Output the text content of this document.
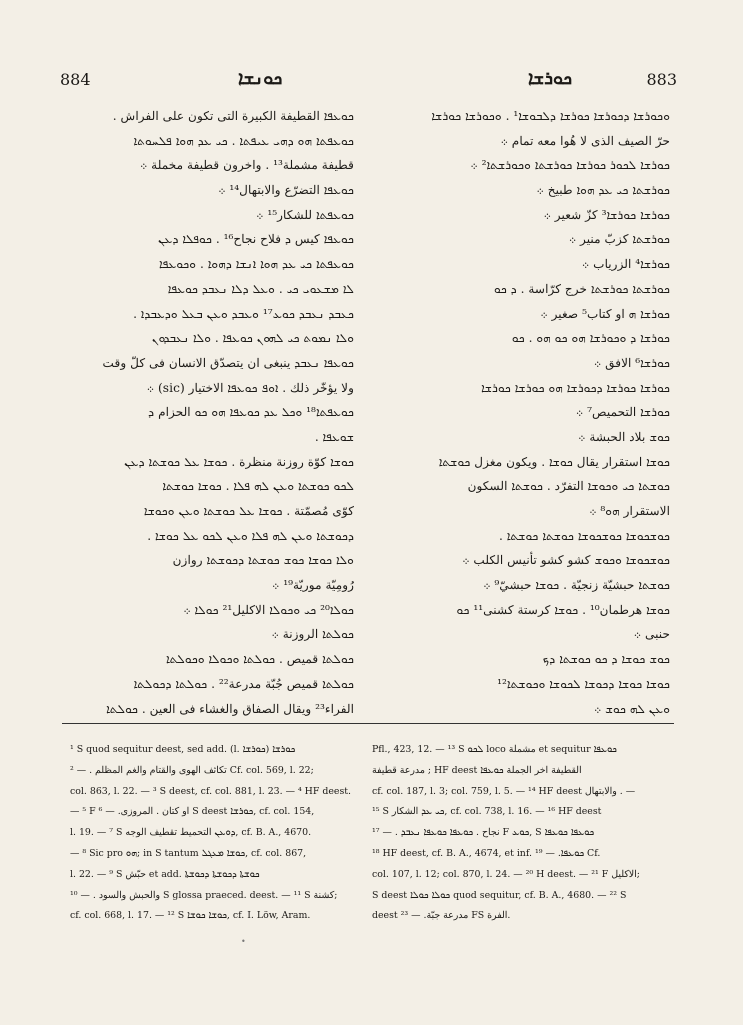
884	ܟܘܢܫܐ	ܟܘܪܫܐ	883
ܟܘܥܦܐ القطيفة الكبيرة التى تكون على الفراش .
ܟܘܥܦܬܐ ܗܘ ܕܗܝ ܥܝܦܬܐ . ܟܝ ܥܕ ܗܘܐ ܦܠܚܘܬܐ
قطيفة مشملة¹³ . واخرون قطيفة مخملة ܀
ܟܘܥܦܐ التضرّع والابتهال¹⁴ ܀
ܟܘܥܦܬܐ للشكار¹⁵ ܀
ܟܘܥܦܐ كيس ܕ فلاح نجاح¹⁶ . ܟܘܦܠܐ ܕܥܢ
ܟܘܥܦܬܐ ܟܝ ܥܕ ܗܘܐ ܐܢܫܐ ܕܗܘܐ . ܘܟܘܥܦܐ
ܠܐ ܡܫܥܘܝ ܟܝ . ܘܥܠ ܕܠܐ ܢܥܒܕ ܟܘܥܦܐ
ܟܥܒܕ ܢܥܒܕ ܟܘܥ¹⁷ ܘܥܒܕ ܘܥܢ ܒܥܠ ܘܕܥܒܕܐ .
ܘܠܐ ܢܡܘܬ ܟܝ ܠܗܘܢ ܟܘܥܦܐ . ܘܠܐ ܢܥܒܕܘܢ
ܟܘܥܦܐ ܢܥܒܕ ينبغى ان يتصدّق الانسان فى كلّ وقت
ولا يؤخّر ذلك . ܐܘܦ ܟܘܥܦܐ الاختيار (sic) ܀
ܟܘܥܦܬܐ¹⁸ ܘܟܠ ܥܕ ܟܘܥܦܐ ܗܘ ܟܘ الحزام ܕ
ܫܘܥܦܐ .
ܟܘܫܐ كوّة روزنة منظرة . ܟܘܫܐ ܥܠ ܟܘܫܬܐ ܕܥܢ
ܠܟܘ ܟܘܫܬܐ ܘܥܢ ܠܗ ܦܠܐ . ܟܘܫܐ ܟܘܫܬܐ
كوّى مُصمّتة . ܟܘܫܐ ܥܠ ܟܘܫܬܐ ܘܥܢ ܘܟܘܫܐ
ܕܟܘܫܬܐ ܘܥܢ ܠܗ ܦܠܐ ܘܥܢ ܠܟܘ ܥܠ ܟܘܫܐ .
ܘܠܐ ܟܘܫܐ ܟܘܫ ܟܘܫܬܐ ܕܟܘܫܬܐ روازن
رُومِيّة موريّة¹⁹ ܀
ܟܘܠܐ²⁰ ܟܝ ܘܟܘܠܐ الاكليل²¹ ܟܘܠܐ ܀
ܟܘܠܬܐ الروزنة ܀
ܟܘܠܬܐ قميص . ܟܘܠܬܐ ܘܟܘܠܐ ܘܟܘܠܬܐ
ܟܘܠܬܐ قميص جُبّة مدرعة²² . ܟܘܠܬܐ ܕܟܘܠܬܐ
الفراء²³ ويقال الصفاق والغشاء فى العين . ܟܘܠܬܐ
ܘܟܘܪܫܐ ܕܟܘܪܫܐ ܟܘܪܫܐ ܕܠܒܘܫܐ¹ . ܘܟܘܪܫܐ ܟܘܪܫܐ
حرّ الصيف الذى لا هُوا معه تمام ܀
ܟܘܪܫܐ ܠܟܘܪ ܟܘܪܫܐ ܟܘܪܫܬܐ ܘܟܘܪܫܬܐ² ܀
ܟܘܪܫܬܐ ܟܝ ܥܕ ܗܘܐ طبيخ ܀
ܟܘܪܫܐ ܟܘܪܫܐ³ كزّ شعير ܀
ܟܘܪܫܬܐ كزبّ منير ܀
ܟܘܪܫܐ⁴ الزرياب ܀
ܟܘܪܫܬܐ ܟܘܪܫܬܐ خرج كرّاسة . ܕ ܟܘ
ܟܘܪܫܐ ܗ او كتاب⁵ صغير ܀
ܟܘܪܫܐ ܕ ܘܟܘܪܫܐ ܗܘ ܟܘ ܗܘ . ܟܘ
ܟܘܪܫܐ⁶ الافق ܀
ܟܘܪܫܐ ܟܘܪܫܐ ܕܟܘܪܫܐ ܗܘ ܟܘܪܫܐ ܟܘܪܫܐ
ܟܘܪܫܐ التحميص⁷ ܀
ܟܘܫ بلاد الحبشة ܀
ܟܘܫܐ استقرار يقال ܟܘܫܐ . ويكون مغزل ܟܘܫܬܐ
ܟܘܫܬܐ ܟܝ ܘܟܘܫܐ التفرّد . ܟܘܫܬܐ السكون
الاستقرار ܗܘ⁸ ܀
ܟܘܫܟܘܫܐ ܟܘܫܟܘܫܐ ܟܘܫܬܐ ܟܘܫܬܐ .
ܟܘܫܟܘܫܐ ܘܟܘܫ كشو كشو تأنيس الكلب ܀
ܟܘܫܬܐ حبشيّة زنجيّة . ܟܘܫܐ حبشيّ⁹ ܀
ܟܘܫܐ هرطمان¹⁰ . ܟܘܫܐ كرستة كشنى¹¹ ܟܘ
حنبى ܀
ܟܘܫ ܟܘܫܐ ܕ ܟܘ ܟܘܫܬܐ ܕܟ
ܟܘܫܐ ܟܘܫܐ ܕܟܘܫܐ ܠܟܘܫܐ ܘܟܘܫܬܐ¹²
ܘܥܢ ܠܗ ܟܘܫ ܀
¹ S quod sequitur deest, sed add. (l. ܟܘܪܫܐ) ܟܘܪܫܐ
تكاثف الهوى والقتام والغم المظلم . — ² Cf. col. 569, l. 22;
col. 863, l. 22. — ³ S deest, cf. col. 881, l. 23. — ⁴ HF deest.
— ⁵ F او كتان . المروزى. — ⁶ S deest ܟܘܪܫܐ, cf. col. 154,
l. 19. — ⁷ S ܕܘܥܢ التحميط تقطيف الوجه, cf. B. A., 4670.
— ⁸ Sic pro ܗܘ; in S tantum ܟܘܫܐ ܡܥܓܠ, cf. col. 867,
l. 22. — ⁹ S حبّش et add. ܟܘܫܬܐ ܕܟܘܫܬܐ ܕܟܘܫܬܐ
والحبش والسود . — ¹⁰ S glossa praeced. deest. — ¹¹ S كشنة;
cf. col. 668, l. 17. — ¹² S ܟܘܫܐ ܟܘܫܐ, cf. I. Löw, Aram.
Pfl., 423, 12. — ¹³ S ܠܟܘ loco مشملة et sequitur ܟܘܥܦܐ
مدرعة قطيفة ; HF deest القطيفة اخر الجملة ܟܘܥܦܐ
cf. col. 187, l. 3; col. 759, l. 5. — ¹⁴ HF deest والابتهال . —
¹⁵ S ܟܝ ܥܕ الشكار, cf. col. 738, l. 16. — ¹⁶ HF deest
نجاح . ܟܘܥܦܐ ܟܘܥܦܐ ܢܥܒܕ . — ¹⁷ F ܟܘܥ, S ܟܘܥܦܐ ܟܘܥܦܐ
¹⁸ HF deest, cf. B. A., 4674, et inf. ܟܘܥܦܐ. — ¹⁹ Cf.
col. 107, l. 12; col. 870, l. 24. — ²⁰ H deest. — ²¹ F الاكليل;
S deest ܟܘܠܐ ܟܘܠܐ quod sequitur, cf. B. A., 4680. — ²² S
deest مدرعة جبّة. — ²³ FS الفرة.
•
